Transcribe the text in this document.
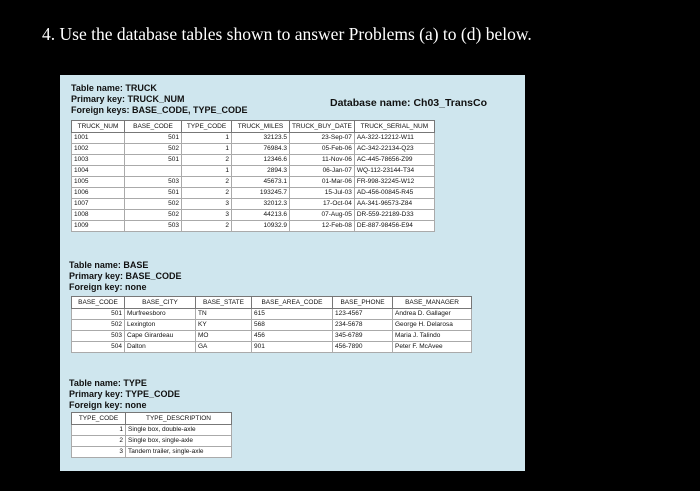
4. Use the database tables shown to answer Problems (a) to (d) below.
Table name: TRUCK
Primary key: TRUCK_NUM
Foreign keys: BASE_CODE, TYPE_CODE
Database name: Ch03_TransCo
TRUCK_NUM	BASE_CODE	TYPE_CODE	TRUCK_MILES	TRUCK_BUY_DATE	TRUCK_SERIAL_NUM
1001	501	1	32123.5	23-Sep-07	AA-322-12212-W11
1002	502	1	76984.3	05-Feb-06	AC-342-22134-Q23
1003	501	2	12346.6	11-Nov-06	AC-445-78656-Z99
1004		1	2894.3	06-Jan-07	WQ-112-23144-T34
1005	503	2	45673.1	01-Mar-06	FR-998-32245-W12
1006	501	2	193245.7	15-Jul-03	AD-456-00845-R45
1007	502	3	32012.3	17-Oct-04	AA-341-96573-Z84
1008	502	3	44213.6	07-Aug-05	DR-559-22189-D33
1009	503	2	10932.9	12-Feb-08	DE-887-98456-E94
Table name: BASE
Primary key: BASE_CODE
Foreign key: none
BASE_CODE	BASE_CITY	BASE_STATE	BASE_AREA_CODE	BASE_PHONE	BASE_MANAGER
501	Murfreesboro	TN	615	123-4567	Andrea D. Gallager
502	Lexington	KY	568	234-5678	George H. Delarosa
503	Cape Girardeau	MO	456	345-6789	Maria J. Talindo
504	Dalton	GA	901	456-7890	Peter F. McAvee
Table name: TYPE
Primary key: TYPE_CODE
Foreign key: none
TYPE_CODE	TYPE_DESCRIPTION
1	Single box, double-axle
2	Single box, single-axle
3	Tandem trailer, single-axle
